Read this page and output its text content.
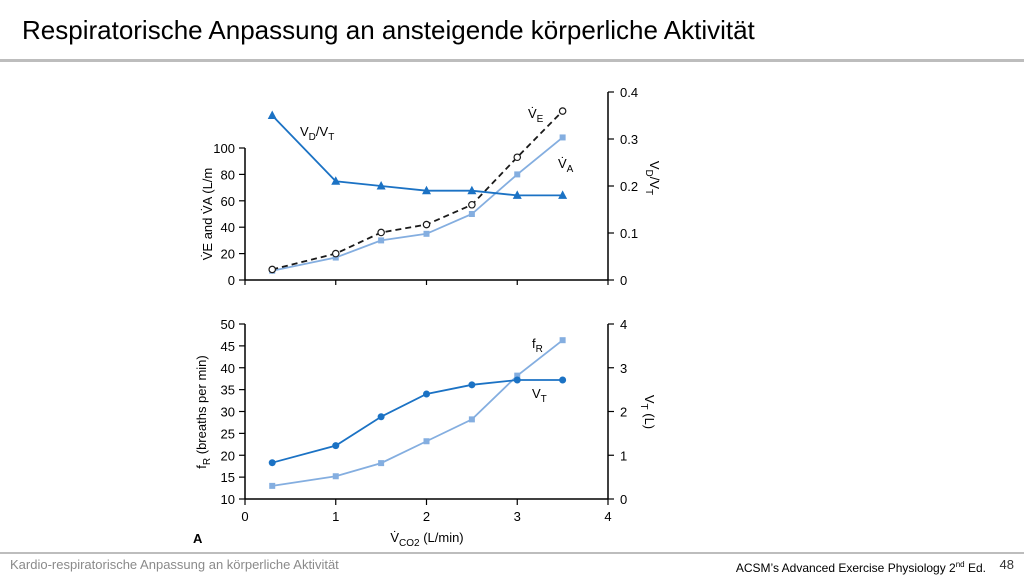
Respiratorische Anpassung an ansteigende körperliche Aktivität
0
20
40
60
80
100
0
0.1
0.2
0.3
0.4
V̇E and V̇A (L/m
$V_D/V_T$
$V̇_E$
$V̇_A$
$V_D/V_T$
10
15
20
25
30
35
40
45
50
0
1
2
3
4
0	1	2	3	4
$f_R$ (breaths per min)	$V_T$ (L)
$V̇_{CO2}$ (L/min)
$f_R$
$V_T$
A
Kardio-respiratorische Anpassung an körperliche Aktivität	ACSM’s Advanced Exercise Physiology 2nd Ed. 48
